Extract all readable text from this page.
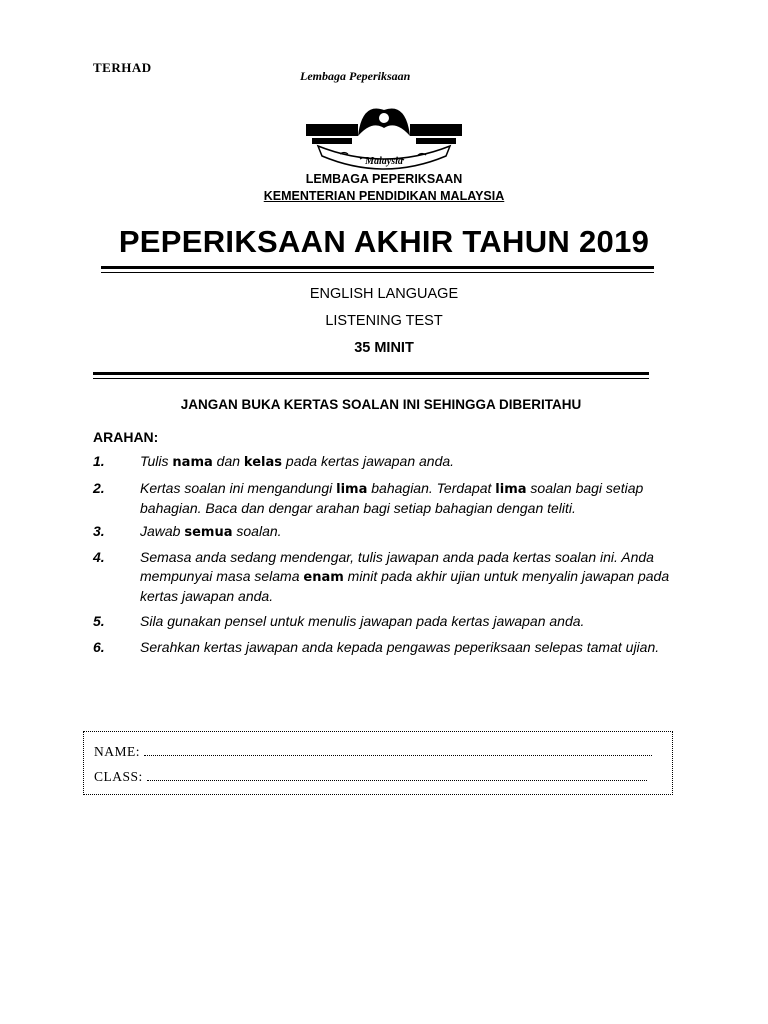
TERHAD
Lembaga Peperiksaan
Malaysia
LEMBAGA PEPERIKSAAN
KEMENTERIAN PENDIDIKAN MALAYSIA
PEPERIKSAAN AKHIR TAHUN 2019
ENGLISH LANGUAGE
LISTENING TEST
35 MINIT
JANGAN BUKA KERTAS SOALAN INI SEHINGGA DIBERITAHU
ARAHAN:
1.	Tulis nama dan kelas pada kertas jawapan anda.
2.	Kertas soalan ini mengandungi lima bahagian. Terdapat lima soalan bagi setiap bahagian. Baca dan dengar arahan bagi setiap bahagian dengan teliti.
3.	Jawab semua soalan.
4.	Semasa anda sedang mendengar, tulis jawapan anda pada kertas soalan ini. Anda mempunyai masa selama enam minit pada akhir ujian untuk menyalin jawapan pada kertas jawapan anda.
5.	Sila gunakan pensel untuk menulis jawapan pada kertas jawapan anda.
6.	Serahkan kertas jawapan anda kepada pengawas peperiksaan selepas tamat ujian.
NAME:
CLASS:
